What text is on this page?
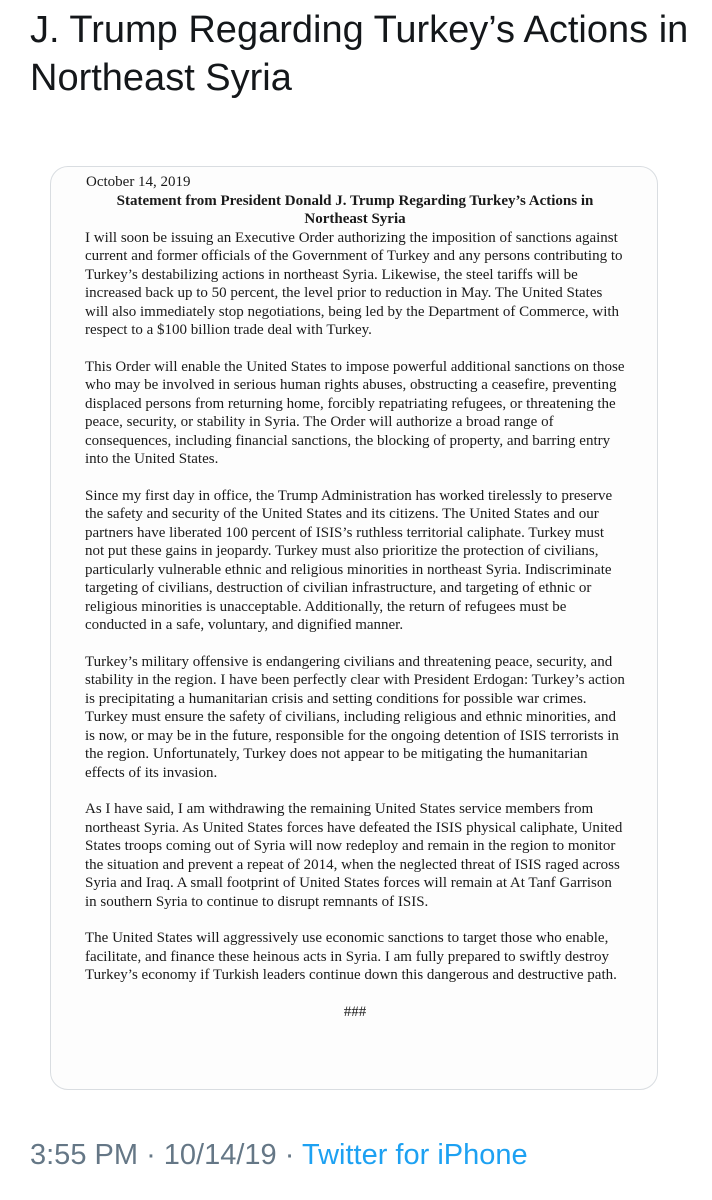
J. Trump Regarding Turkey’s Actions in Northeast Syria
October 14, 2019
Statement from President Donald J. Trump Regarding Turkey’s Actions in Northeast Syria

I will soon be issuing an Executive Order authorizing the imposition of sanctions against current and former officials of the Government of Turkey and any persons contributing to Turkey’s destabilizing actions in northeast Syria. Likewise, the steel tariffs will be increased back up to 50 percent, the level prior to reduction in May. The United States will also immediately stop negotiations, being led by the Department of Commerce, with respect to a $100 billion trade deal with Turkey.

This Order will enable the United States to impose powerful additional sanctions on those who may be involved in serious human rights abuses, obstructing a ceasefire, preventing displaced persons from returning home, forcibly repatriating refugees, or threatening the peace, security, or stability in Syria. The Order will authorize a broad range of consequences, including financial sanctions, the blocking of property, and barring entry into the United States.

Since my first day in office, the Trump Administration has worked tirelessly to preserve the safety and security of the United States and its citizens. The United States and our partners have liberated 100 percent of ISIS’s ruthless territorial caliphate. Turkey must not put these gains in jeopardy. Turkey must also prioritize the protection of civilians, particularly vulnerable ethnic and religious minorities in northeast Syria. Indiscriminate targeting of civilians, destruction of civilian infrastructure, and targeting of ethnic or religious minorities is unacceptable. Additionally, the return of refugees must be conducted in a safe, voluntary, and dignified manner.

Turkey’s military offensive is endangering civilians and threatening peace, security, and stability in the region. I have been perfectly clear with President Erdogan: Turkey’s action is precipitating a humanitarian crisis and setting conditions for possible war crimes. Turkey must ensure the safety of civilians, including religious and ethnic minorities, and is now, or may be in the future, responsible for the ongoing detention of ISIS terrorists in the region. Unfortunately, Turkey does not appear to be mitigating the humanitarian effects of its invasion.

As I have said, I am withdrawing the remaining United States service members from northeast Syria. As United States forces have defeated the ISIS physical caliphate, United States troops coming out of Syria will now redeploy and remain in the region to monitor the situation and prevent a repeat of 2014, when the neglected threat of ISIS raged across Syria and Iraq. A small footprint of United States forces will remain at At Tanf Garrison in southern Syria to continue to disrupt remnants of ISIS.

The United States will aggressively use economic sanctions to target those who enable, facilitate, and finance these heinous acts in Syria. I am fully prepared to swiftly destroy Turkey’s economy if Turkish leaders continue down this dangerous and destructive path.

###
3:55 PM · 10/14/19 · Twitter for iPhone
